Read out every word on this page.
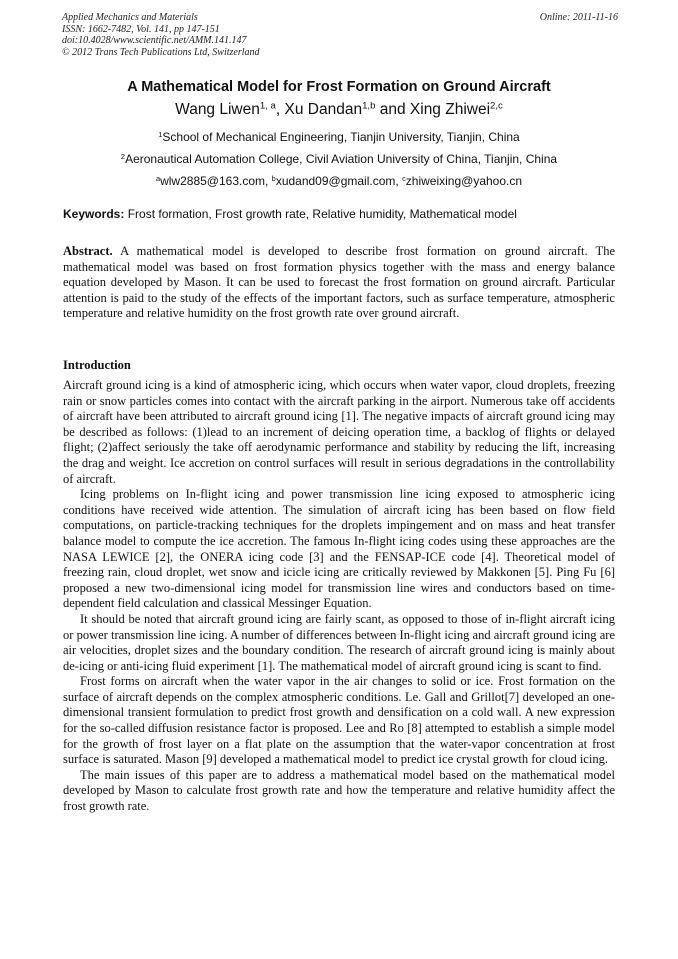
Applied Mechanics and Materials
ISSN: 1662-7482, Vol. 141, pp 147-151
doi:10.4028/www.scientific.net/AMM.141.147
© 2012 Trans Tech Publications Ltd, Switzerland
Online: 2011-11-16
A Mathematical Model for Frost Formation on Ground Aircraft
Wang Liwen$^{1, a}$, Xu Dandan$^{1,b}$ and Xing Zhiwei$^{2,c}$
$^1$School of Mechanical Engineering, Tianjin University, Tianjin, China
$^2$Aeronautical Automation College, Civil Aviation University of China, Tianjin, China
$^a$wlw2885@163.com, $^b$xudand09@gmail.com, $^c$zhiweixing@yahoo.cn
Keywords: Frost formation, Frost growth rate, Relative humidity, Mathematical model

Abstract. A mathematical model is developed to describe frost formation on ground aircraft. The mathematical model was based on frost formation physics together with the mass and energy balance equation developed by Mason. It can be used to forecast the frost formation on ground aircraft. Particular attention is paid to the study of the effects of the important factors, such as surface temperature, atmospheric temperature and relative humidity on the frost growth rate over ground aircraft.

Introduction

Aircraft ground icing is a kind of atmospheric icing, which occurs when water vapor, cloud droplets, freezing rain or snow particles comes into contact with the aircraft parking in the airport. Numerous take off accidents of aircraft have been attributed to aircraft ground icing [1]. The negative impacts of aircraft ground icing may be described as follows: (1)lead to an increment of deicing operation time, a backlog of flights or delayed flight; (2)affect seriously the take off aerodynamic performance and stability by reducing the lift, increasing the drag and weight. Ice accretion on control surfaces will result in serious degradations in the controllability of aircraft.

Icing problems on In-flight icing and power transmission line icing exposed to atmospheric icing conditions have received wide attention. The simulation of aircraft icing has been based on flow field computations, on particle-tracking techniques for the droplets impingement and on mass and heat transfer balance model to compute the ice accretion. The famous In-flight icing codes using these approaches are the NASA LEWICE [2], the ONERA icing code [3] and the FENSAP-ICE code [4]. Theoretical model of freezing rain, cloud droplet, wet snow and icicle icing are critically reviewed by Makkonen [5]. Ping Fu [6] proposed a new two-dimensional icing model for transmission line wires and conductors based on time-dependent field calculation and classical Messinger Equation.

It should be noted that aircraft ground icing are fairly scant, as opposed to those of in-flight aircraft icing or power transmission line icing. A number of differences between In-flight icing and aircraft ground icing are air velocities, droplet sizes and the boundary condition. The research of aircraft ground icing is mainly about de-icing or anti-icing fluid experiment [1]. The mathematical model of aircraft ground icing is scant to find.

Frost forms on aircraft when the water vapor in the air changes to solid or ice. Frost formation on the surface of aircraft depends on the complex atmospheric conditions. Le. Gall and Grillot[7] developed an one-dimensional transient formulation to predict frost growth and densification on a cold wall. A new expression for the so-called diffusion resistance factor is proposed. Lee and Ro [8] attempted to establish a simple model for the growth of frost layer on a flat plate on the assumption that the water-vapor concentration at frost surface is saturated. Mason [9] developed a mathematical model to predict ice crystal growth for cloud icing.

The main issues of this paper are to address a mathematical model based on the mathematical model developed by Mason to calculate frost growth rate and how the temperature and relative humidity affect the frost growth rate.
